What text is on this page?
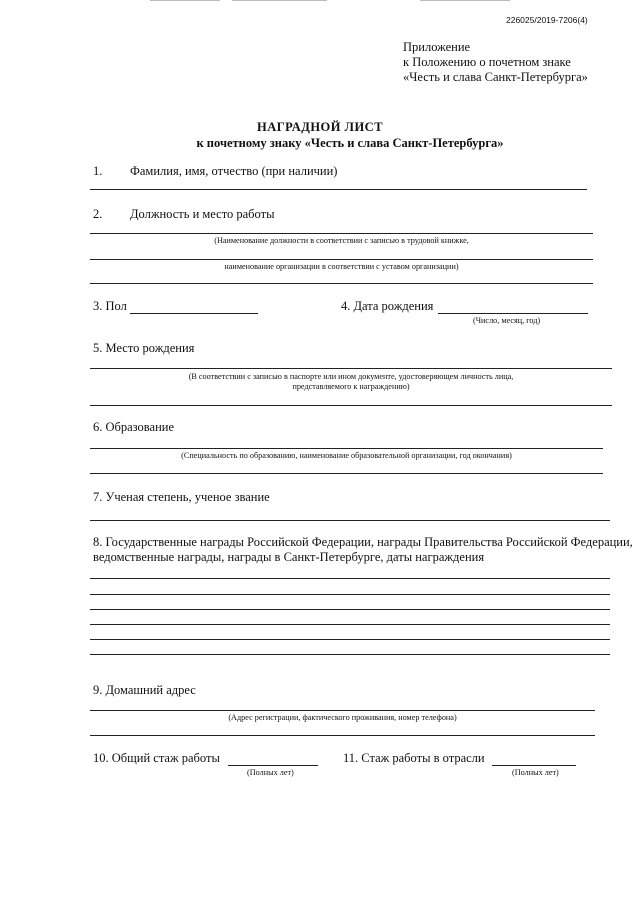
226025/2019-7206(4)
Приложение
к Положению о почетном знаке
«Честь и слава Санкт-Петербурга»
НАГРАДНОЙ ЛИСТ
к почетному знаку «Честь и слава Санкт-Петербурга»
1. Фамилия, имя, отчество (при наличии)
2. Должность и место работы
(Наименование должности в соответствии с записью в трудовой книжке,
наименование организации в соответствии с уставом организации)
3. Пол	4. Дата рождения
(Число, месяц, год)
5. Место рождения
(В соответствии с записью в паспорте или ином документе, удостоверяющем личность лица,
представляемого к награждению)
6. Образование
(Специальность по образованию, наименование образовательной организации, год окончания)
7. Ученая степень, ученое звание
8. Государственные награды Российской Федерации, награды Правительства Российской Федерации,
ведомственные награды, награды в Санкт-Петербурге, даты награждения
9. Домашний адрес
(Адрес регистрации, фактического проживания, номер телефона)
10. Общий стаж работы
(Полных лет)
11. Стаж работы в отрасли
(Полных лет)
